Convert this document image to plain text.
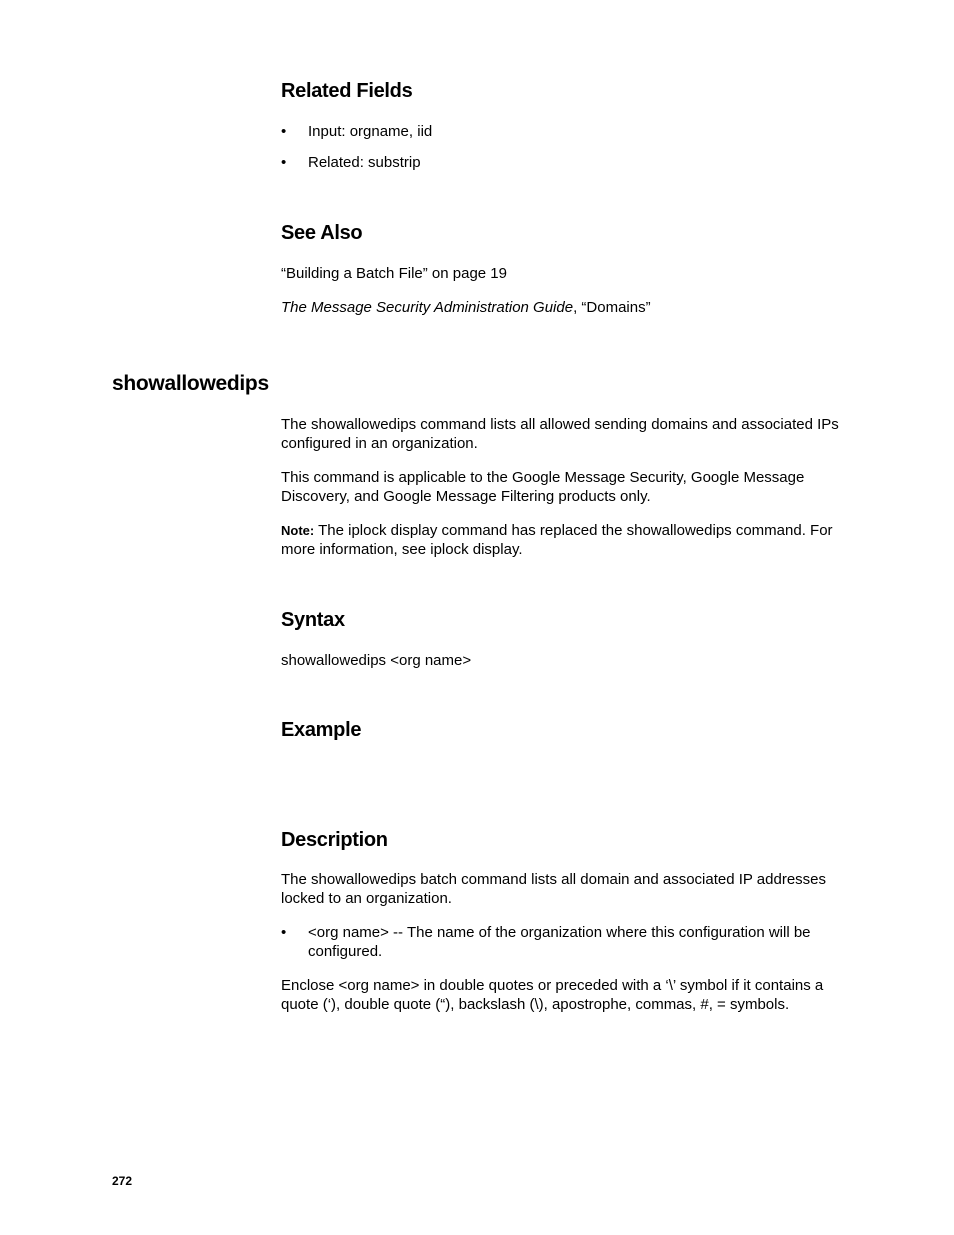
Related Fields
• Input: orgname, iid
• Related: substrip
See Also

“Building a Batch File” on page 19

The Message Security Administration Guide, “Domains”

showallowedips

The showallowedips command lists all allowed sending domains and associated IPs configured in an organization.

This command is applicable to the Google Message Security, Google Message Discovery, and Google Message Filtering products only.

Note: The iplock display command has replaced the showallowedips command. For more information, see iplock display.

Syntax

showallowedips <org name>

Example
Description

The showallowedips batch command lists all domain and associated IP addresses locked to an organization.

• <org name> -- The name of the organization where this configuration will be configured.

Enclose <org name> in double quotes or preceded with a ‘\’ symbol if it contains a quote (‘), double quote (“), backslash (\), apostrophe, commas, #, = symbols.

272
